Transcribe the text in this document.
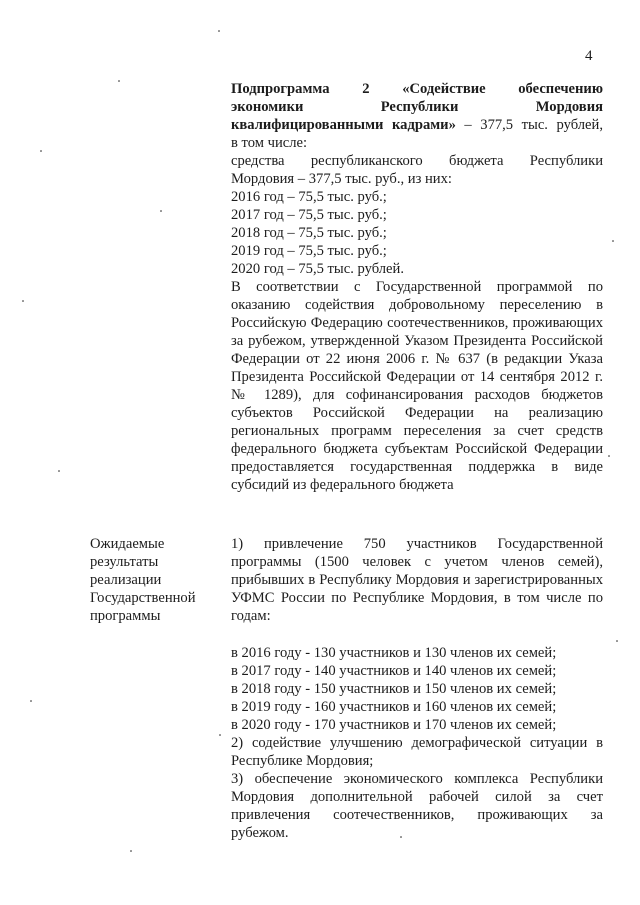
4

Подпрограмма 2 «Содействие обеспечению

экономики Республики Мордовия

квалифицированными кадрами» – 377,5 тыс. рублей,

в том числе:

средства республиканского бюджета Республики

Мордовия – 377,5 тыс. руб., из них:

2016 год – 75,5 тыс. руб.;

2017 год – 75,5 тыс. руб.;

2018 год – 75,5 тыс. руб.;

2019 год – 75,5 тыс. руб.;

2020 год – 75,5 тыс. рублей.

В соответствии с Государственной программой по оказанию содействия добровольному переселению в Российскую Федерацию соотечественников, проживающих за рубежом, утвержденной Указом Президента Российской Федерации от 22 июня 2006 г. № 637 (в редакции Указа Президента Российской Федерации от 14 сентября 2012 г. № 1289), для софинансирования расходов бюджетов субъектов Российской Федерации на реализацию региональных программ переселения за счет средств федерального бюджета субъектам Российской Федерации предоставляется государственная поддержка в виде субсидий из федерального бюджета

Ожидаемые
результаты
реализации
Государственной
программы

1) привлечение 750 участников Государственной программы (1500 человек с учетом членов семей), прибывших в Республику Мордовия и зарегистрированных УФМС России по Республике Мордовия, в том числе по годам:

в 2016 году - 130 участников и 130 членов их семей;

в 2017 году - 140 участников и 140 членов их семей;

в 2018 году - 150 участников и 150 членов их семей;

в 2019 году - 160 участников и 160 членов их семей;

в 2020 году - 170 участников и 170 членов их семей;

2) содействие улучшению демографической ситуации в Республике Мордовия;

3) обеспечение экономического комплекса Республики Мордовия дополнительной рабочей силой за счет привлечения соотечественников, проживающих за рубежом.
